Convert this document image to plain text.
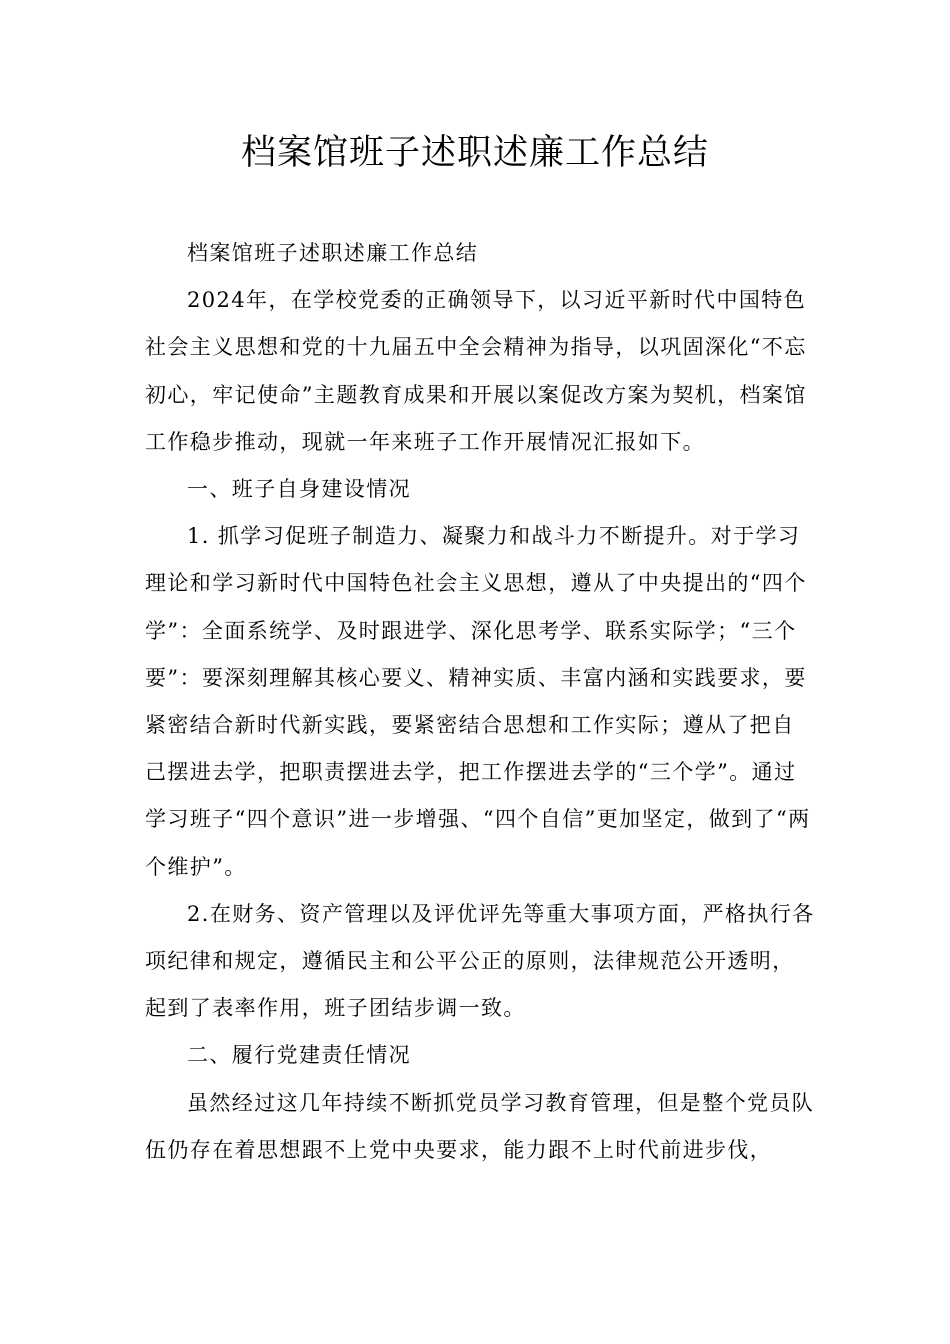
档案馆班子述职述廉工作总结

档案馆班子述职述廉工作总结

2024年，在学校党委的正确领导下，以习近平新时代中国特色社会主义思想和党的十九届五中全会精神为指导，以巩固深化“不忘初心，牢记使命”主题教育成果和开展以案促改方案为契机，档案馆工作稳步推动，现就一年来班子工作开展情况汇报如下。

一、班子自身建设情况

1. 抓学习促班子制造力、凝聚力和战斗力不断提升。对于学习理论和学习新时代中国特色社会主义思想，遵从了中央提出的“四个学”：全面系统学、及时跟进学、深化思考学、联系实际学；“三个要”：要深刻理解其核心要义、精神实质、丰富内涵和实践要求，要紧密结合新时代新实践，要紧密结合思想和工作实际；遵从了把自己摆进去学，把职责摆进去学，把工作摆进去学的“三个学”。通过学习班子“四个意识”进一步增强、“四个自信”更加坚定，做到了“两个维护”。

2.在财务、资产管理以及评优评先等重大事项方面，严格执行各项纪律和规定，遵循民主和公平公正的原则，法律规范公开透明，起到了表率作用，班子团结步调一致。

二、履行党建责任情况

虽然经过这几年持续不断抓党员学习教育管理，但是整个党员队伍仍存在着思想跟不上党中央要求，能力跟不上时代前进步伐，
